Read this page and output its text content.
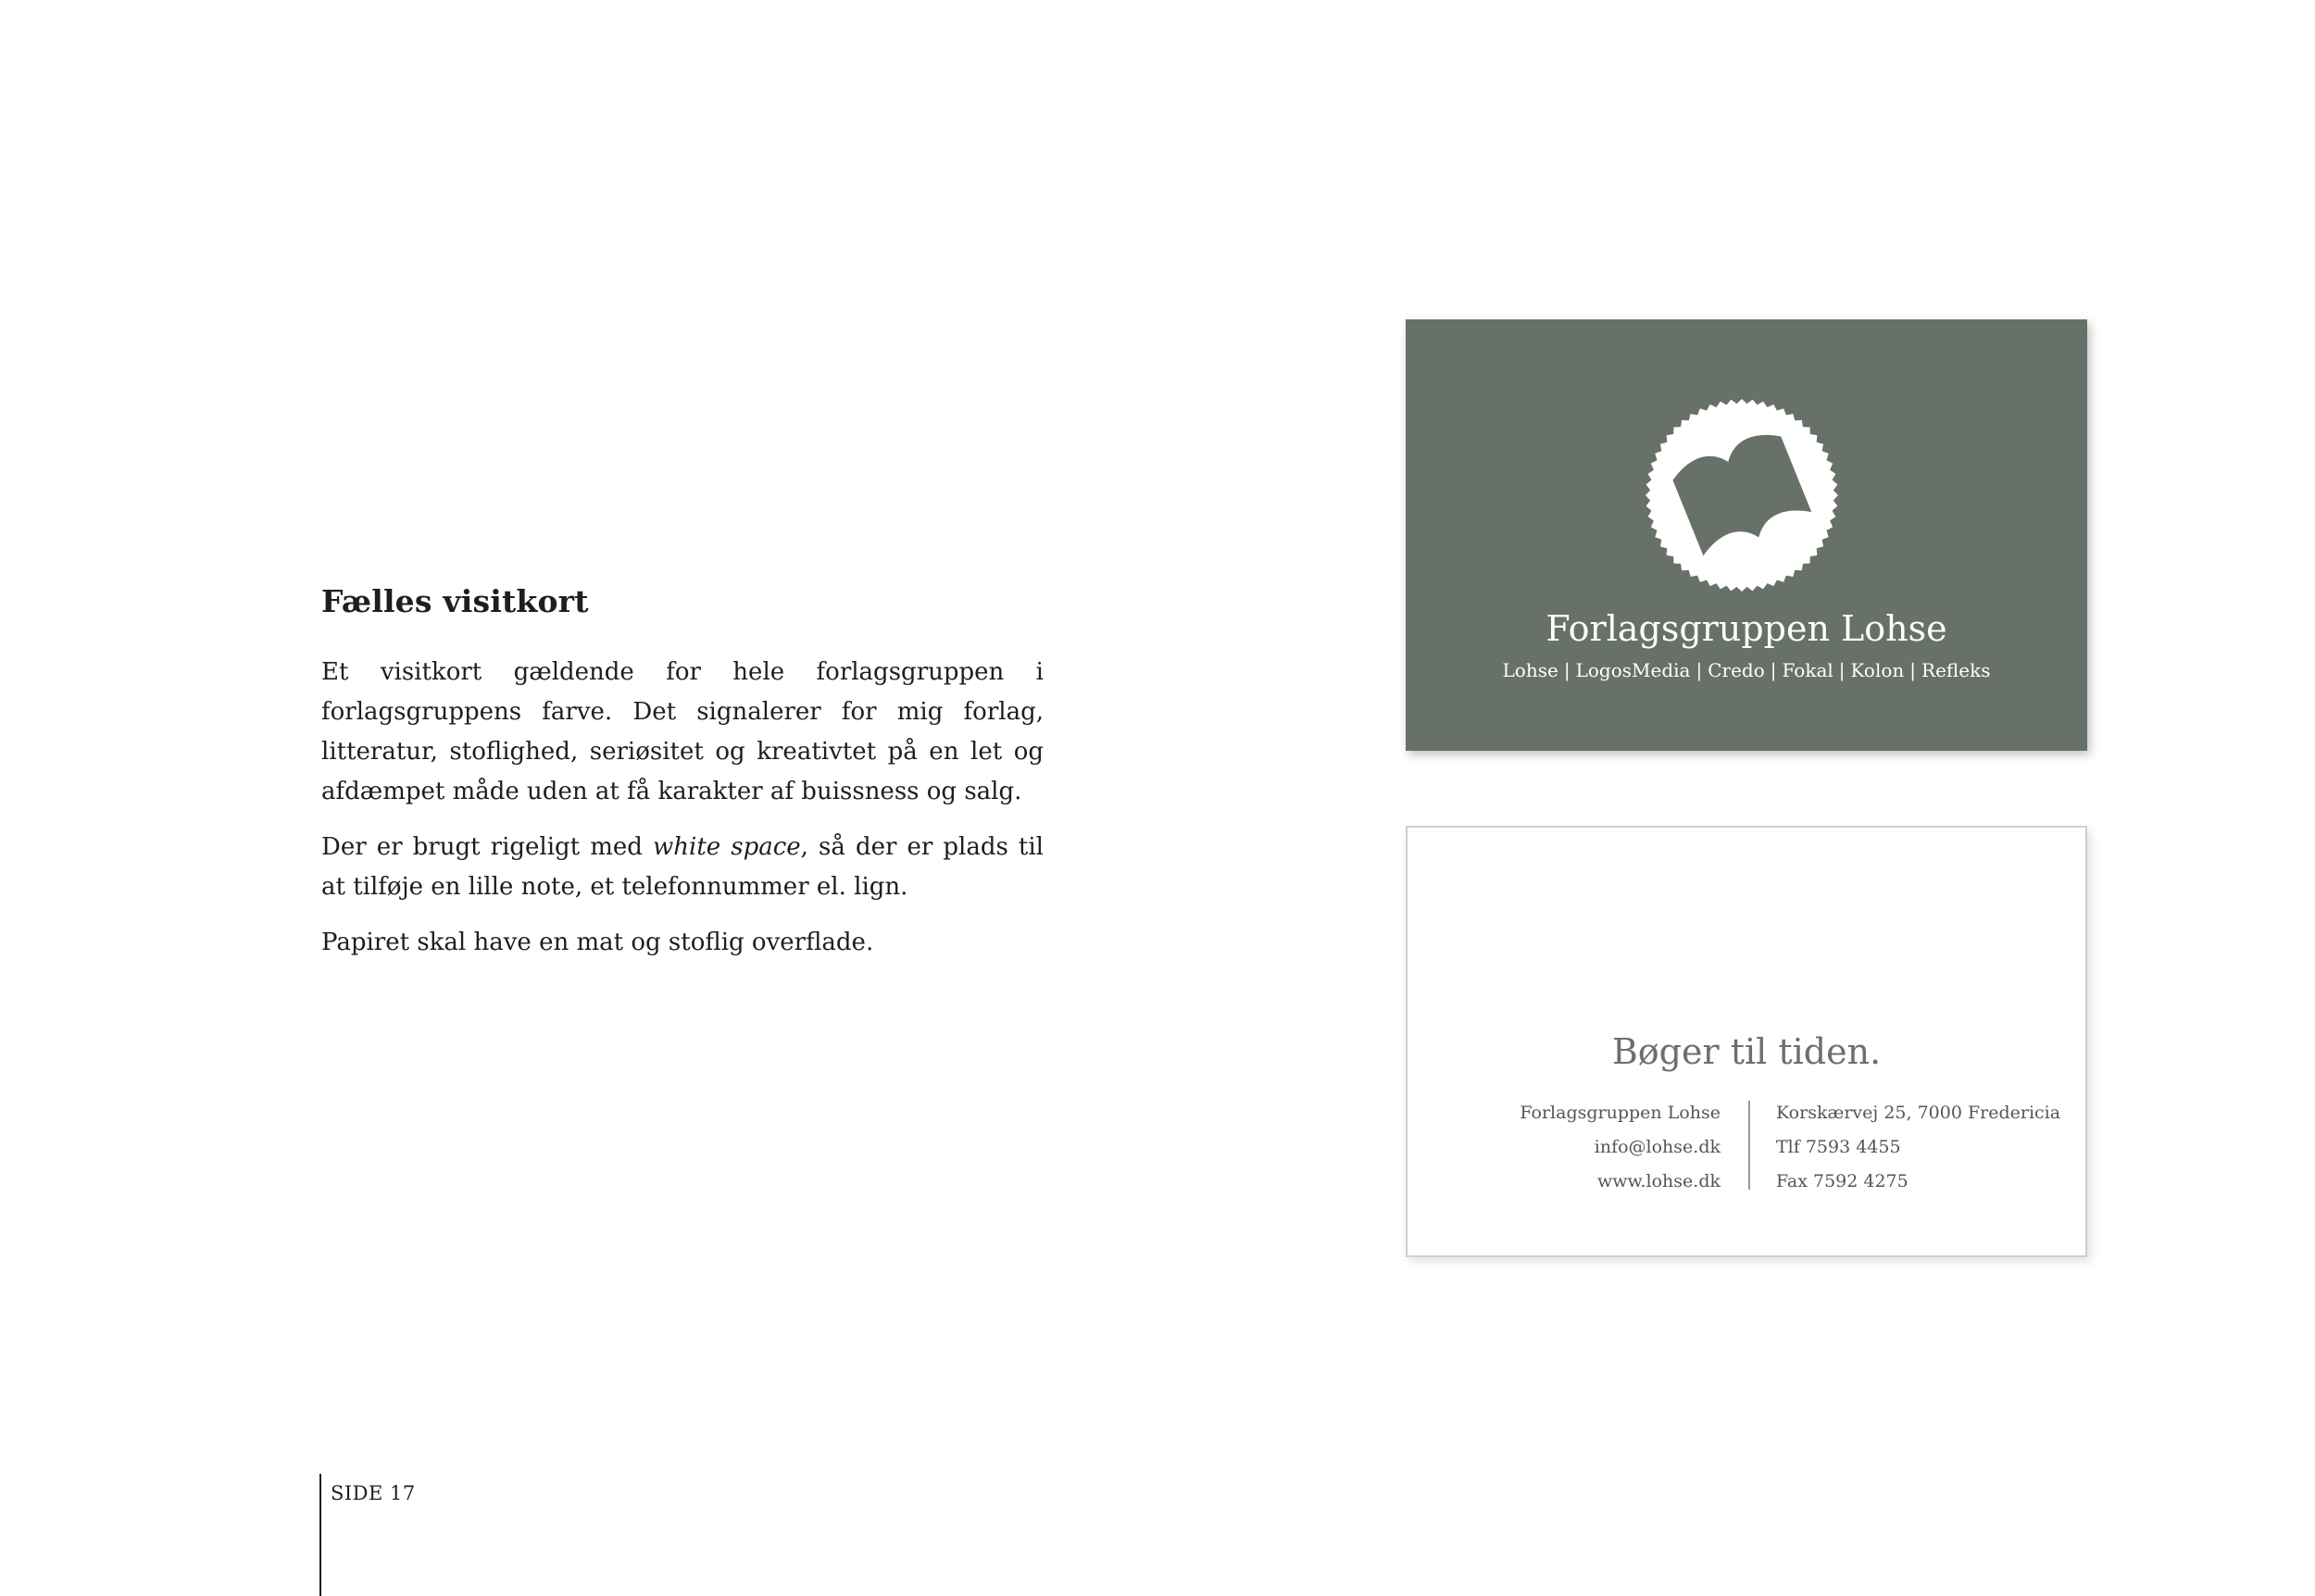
Fælles visitkort

Et visitkort gældende for hele forlagsgruppen i forlagsgruppens farve. Det signalerer for mig forlag, litteratur, stoflighed, seriøsitet og kreativtet på en let og afdæmpet måde uden at få karakter af buissness og salg.

Der er brugt rigeligt med white space, så der er plads til at tilføje en lille note, et telefonnummer el. lign.

Papiret skal have en mat og stoflig overflade.

Forlagsgruppen Lohse
Lohse | LogosMedia | Credo | Fokal | Kolon | Refleks
Bøger til tiden.
Forlagsgruppen Lohse
info@lohse.dk
www.lohse.dk
Korskærvej 25, 7000 Fredericia
Tlf 7593 4455
Fax 7592 4275
SIDE 17
